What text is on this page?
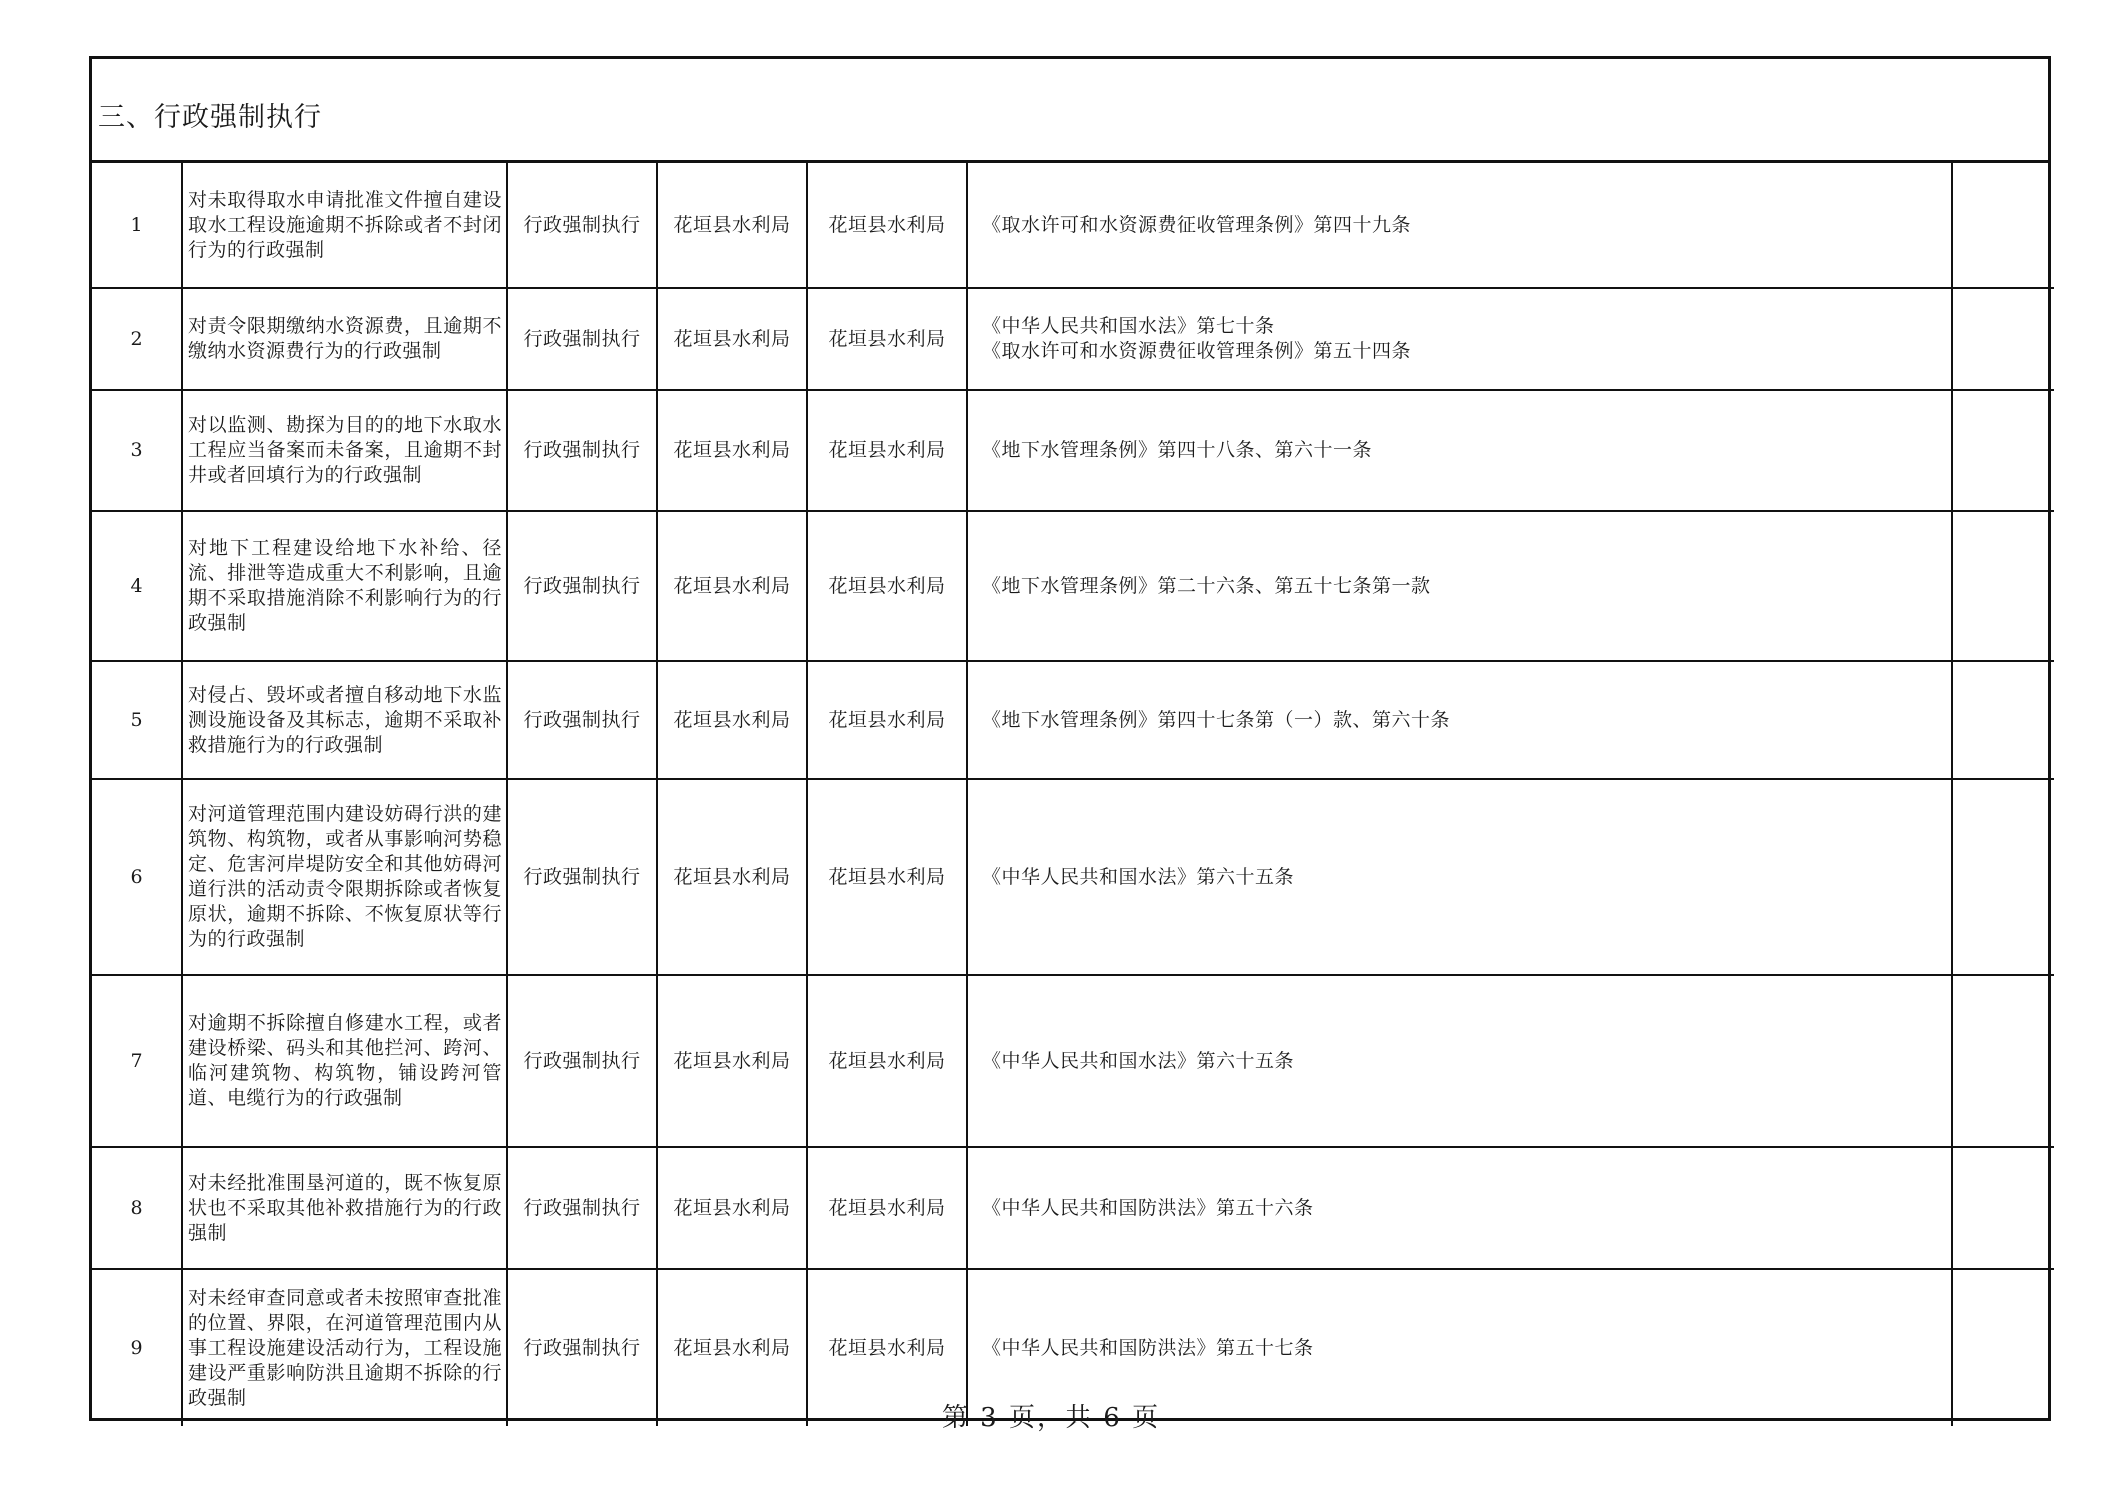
三、行政强制执行
1	对未取得取水申请批准文件擅自建设取水工程设施逾期不拆除或者不封闭行为的行政强制	行政强制执行	花垣县水利局	花垣县水利局	《取水许可和水资源费征收管理条例》第四十九条	

2	对责令限期缴纳水资源费，且逾期不缴纳水资源费行为的行政强制	行政强制执行	花垣县水利局	花垣县水利局	《中华人民共和国水法》第七十条
《取水许可和水资源费征收管理条例》第五十四条	

3	对以监测、勘探为目的的地下水取水工程应当备案而未备案，且逾期不封井或者回填行为的行政强制	行政强制执行	花垣县水利局	花垣县水利局	《地下水管理条例》第四十八条、第六十一条	

4	对地下工程建设给地下水补给、径流、排泄等造成重大不利影响，且逾期不采取措施消除不利影响行为的行政强制	行政强制执行	花垣县水利局	花垣县水利局	《地下水管理条例》第二十六条、第五十七条第一款	

5	对侵占、毁坏或者擅自移动地下水监测设施设备及其标志，逾期不采取补救措施行为的行政强制	行政强制执行	花垣县水利局	花垣县水利局	《地下水管理条例》第四十七条第（一）款、第六十条	

6	对河道管理范围内建设妨碍行洪的建筑物、构筑物，或者从事影响河势稳定、危害河岸堤防安全和其他妨碍河道行洪的活动责令限期拆除或者恢复原状，逾期不拆除、不恢复原状等行为的行政强制	行政强制执行	花垣县水利局	花垣县水利局	《中华人民共和国水法》第六十五条	

7	对逾期不拆除擅自修建水工程，或者建设桥梁、码头和其他拦河、跨河、临河建筑物、构筑物，铺设跨河管道、电缆行为的行政强制	行政强制执行	花垣县水利局	花垣县水利局	《中华人民共和国水法》第六十五条	

8	对未经批准围垦河道的，既不恢复原状也不采取其他补救措施行为的行政强制	行政强制执行	花垣县水利局	花垣县水利局	《中华人民共和国防洪法》第五十六条	

9	对未经审查同意或者未按照审查批准的位置、界限，在河道管理范围内从事工程设施建设活动行为，工程设施建设严重影响防洪且逾期不拆除的行政强制	行政强制执行	花垣县水利局	花垣县水利局	《中华人民共和国防洪法》第五十七条	

第 3 页，共 6 页
